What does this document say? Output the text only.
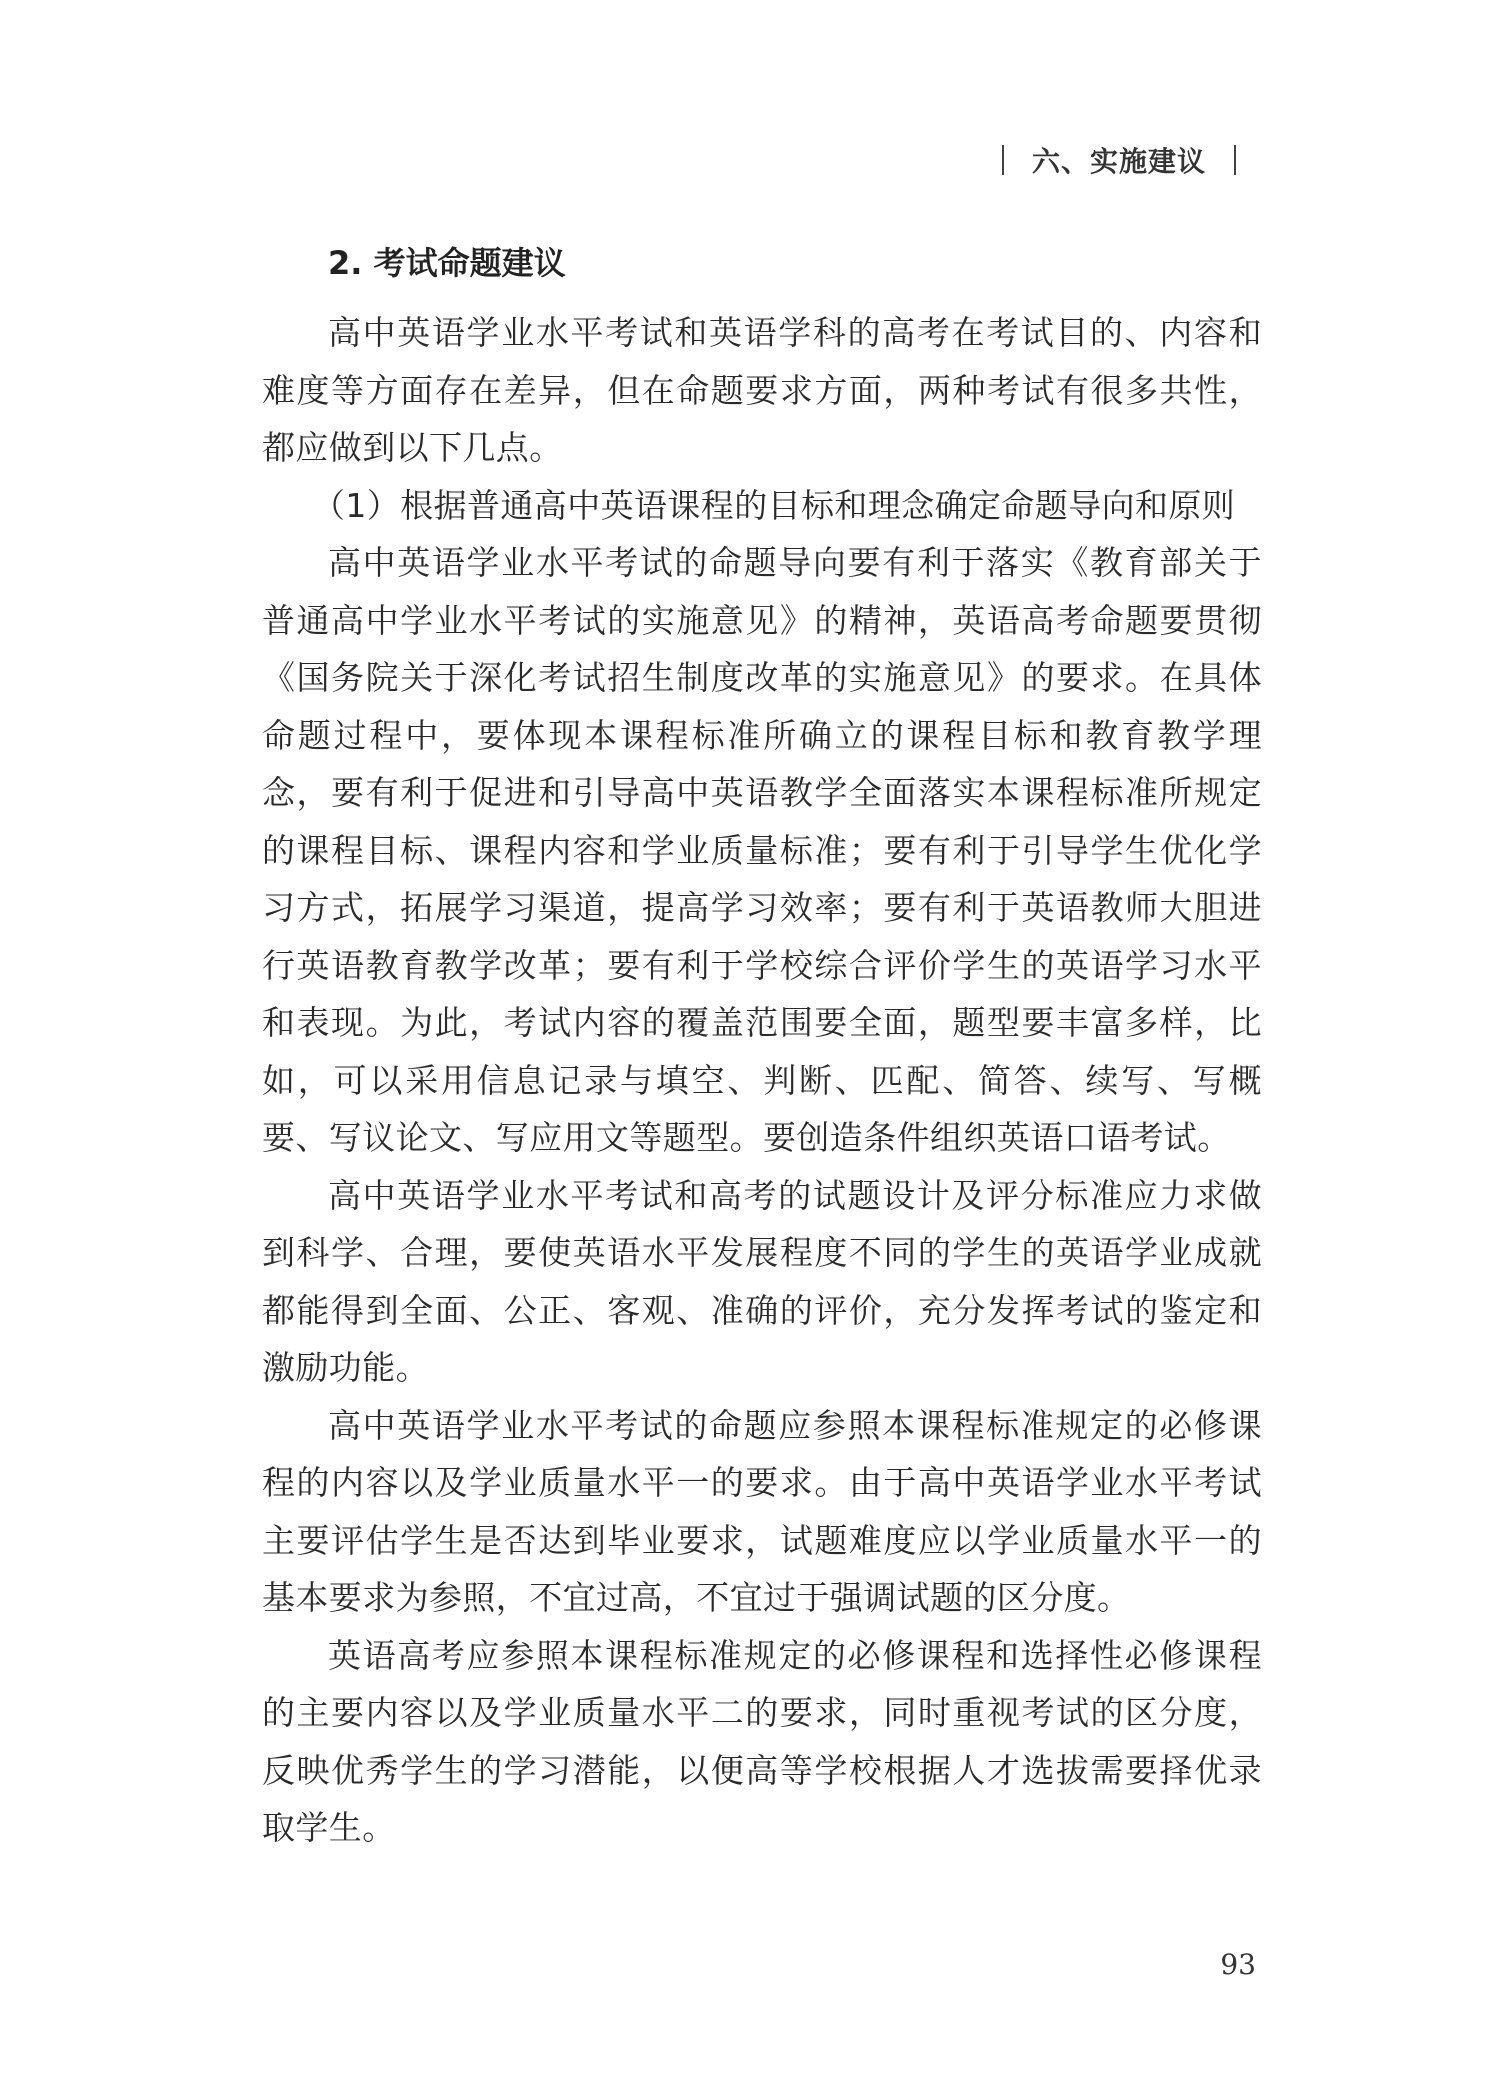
六、实施建议
2. 考试命题建议

高中英语学业水平考试和英语学科的高考在考试目的、内容和难度等方面存在差异，但在命题要求方面，两种考试有很多共性，都应做到以下几点。

（1）根据普通高中英语课程的目标和理念确定命题导向和原则

高中英语学业水平考试的命题导向要有利于落实《教育部关于普通高中学业水平考试的实施意见》的精神，英语高考命题要贯彻《国务院关于深化考试招生制度改革的实施意见》的要求。在具体命题过程中，要体现本课程标准所确立的课程目标和教育教学理念，要有利于促进和引导高中英语教学全面落实本课程标准所规定的课程目标、课程内容和学业质量标准；要有利于引导学生优化学习方式，拓展学习渠道，提高学习效率；要有利于英语教师大胆进行英语教育教学改革；要有利于学校综合评价学生的英语学习水平和表现。为此，考试内容的覆盖范围要全面，题型要丰富多样，比如，可以采用信息记录与填空、判断、匹配、简答、续写、写概要、写议论文、写应用文等题型。要创造条件组织英语口语考试。

高中英语学业水平考试和高考的试题设计及评分标准应力求做到科学、合理，要使英语水平发展程度不同的学生的英语学业成就都能得到全面、公正、客观、准确的评价，充分发挥考试的鉴定和激励功能。

高中英语学业水平考试的命题应参照本课程标准规定的必修课程的内容以及学业质量水平一的要求。由于高中英语学业水平考试主要评估学生是否达到毕业要求，试题难度应以学业质量水平一的基本要求为参照，不宜过高，不宜过于强调试题的区分度。

英语高考应参照本课程标准规定的必修课程和选择性必修课程的主要内容以及学业质量水平二的要求，同时重视考试的区分度，反映优秀学生的学习潜能，以便高等学校根据人才选拔需要择优录取学生。

93
